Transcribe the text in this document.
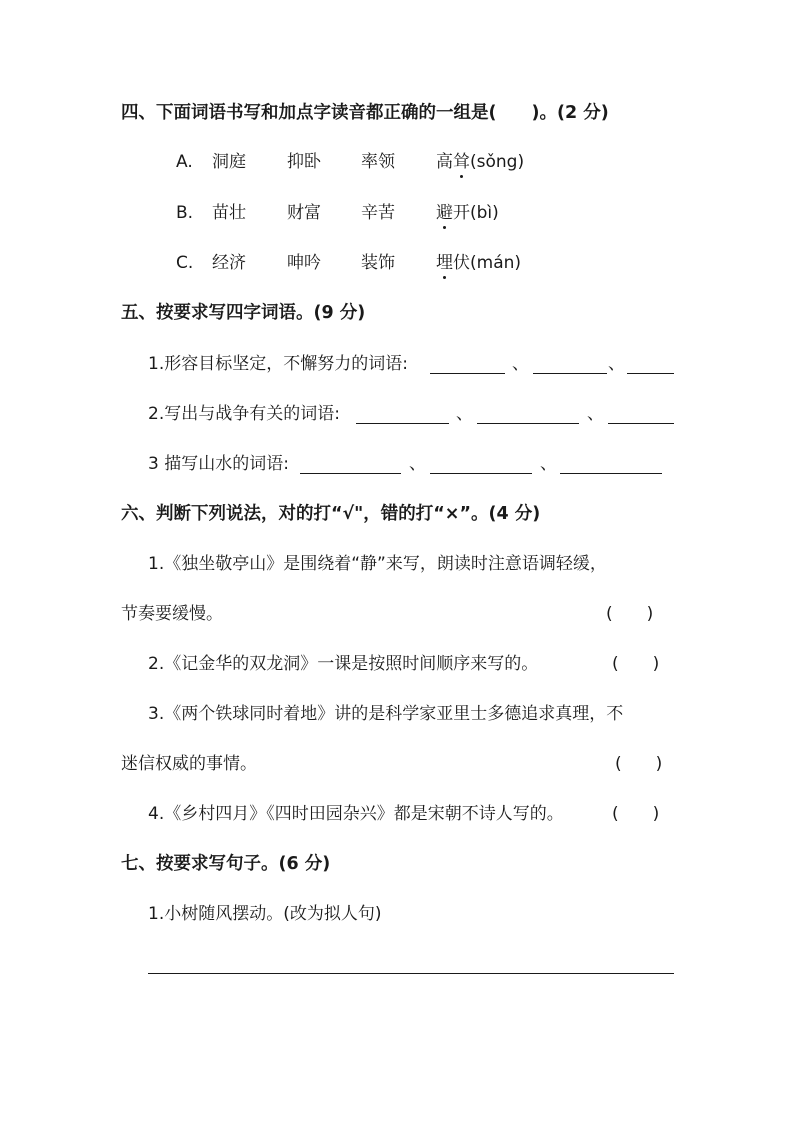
四、下面词语书写和加点字读音都正确的一组是(　　)。(2 分)
A. 洞庭 抑卧 率领 高耸(sǒng)
B. 苗壮 财富 辛苦 避开(bì)
C. 经济 呻吟 装饰 埋伏(mán)
五、按要求写四字词语。(9 分)
1.形容目标坚定，不懈努力的词语:	、	、
2.写出与战争有关的词语:	、	、
3 描写山水的词语:	、	、
六、判断下列说法，对的打“√"，错的打“×”。(4 分)
1.《独坐敬亭山》是围绕着“静”来写，朗读时注意语调轻缓，
节奏要缓慢。	(　　)
2.《记金华的双龙洞》一课是按照时间顺序来写的。	(　　)
3.《两个铁球同时着地》讲的是科学家亚里士多德追求真理，不
迷信权威的事情。	(　　)
4.《乡村四月》《四时田园杂兴》都是宋朝不诗人写的。	(　　)
七、按要求写句子。(6 分)
1.小树随风摆动。(改为拟人句)
